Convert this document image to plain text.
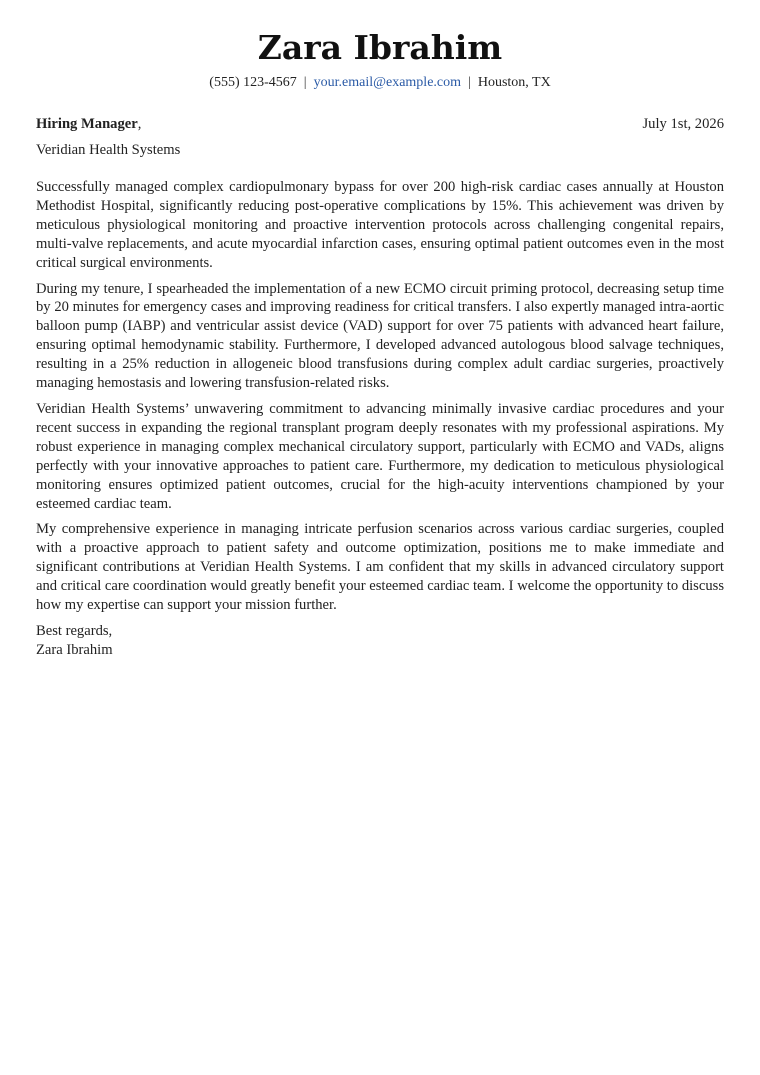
Zara Ibrahim
(555) 123-4567 | your.email@example.com | Houston, TX
Hiring Manager,	July 1st, 2026
Veridian Health Systems

Successfully managed complex cardiopulmonary bypass for over 200 high-risk cardiac cases annually at Houston Methodist Hospital, significantly reducing post-operative complications by 15%. This achievement was driven by meticulous physiological monitoring and proactive intervention protocols across challenging congenital repairs, multi-valve replacements, and acute myocardial infarction cases, ensuring optimal patient outcomes even in the most critical surgical environments.

During my tenure, I spearheaded the implementation of a new ECMO circuit priming protocol, decreasing setup time by 20 minutes for emergency cases and improving readiness for critical transfers. I also expertly managed intra-aortic balloon pump (IABP) and ventricular assist device (VAD) support for over 75 patients with advanced heart failure, ensuring optimal hemodynamic stability. Furthermore, I developed advanced autologous blood salvage techniques, resulting in a 25% reduction in allogeneic blood transfusions during complex adult cardiac surgeries, proactively managing hemostasis and lowering transfusion-related risks.

Veridian Health Systems’ unwavering commitment to advancing minimally invasive cardiac procedures and your recent success in expanding the regional transplant program deeply resonates with my professional aspirations. My robust experience in managing complex mechanical circulatory support, particularly with ECMO and VADs, aligns perfectly with your innovative approaches to patient care. Furthermore, my dedication to meticulous physiological monitoring ensures optimized patient outcomes, crucial for the high-acuity interventions championed by your esteemed cardiac team.

My comprehensive experience in managing intricate perfusion scenarios across various cardiac surgeries, coupled with a proactive approach to patient safety and outcome optimization, positions me to make immediate and significant contributions at Veridian Health Systems. I am confident that my skills in advanced circulatory support and critical care coordination would greatly benefit your esteemed cardiac team. I welcome the opportunity to discuss how my expertise can support your mission further.

Best regards,
Zara Ibrahim
